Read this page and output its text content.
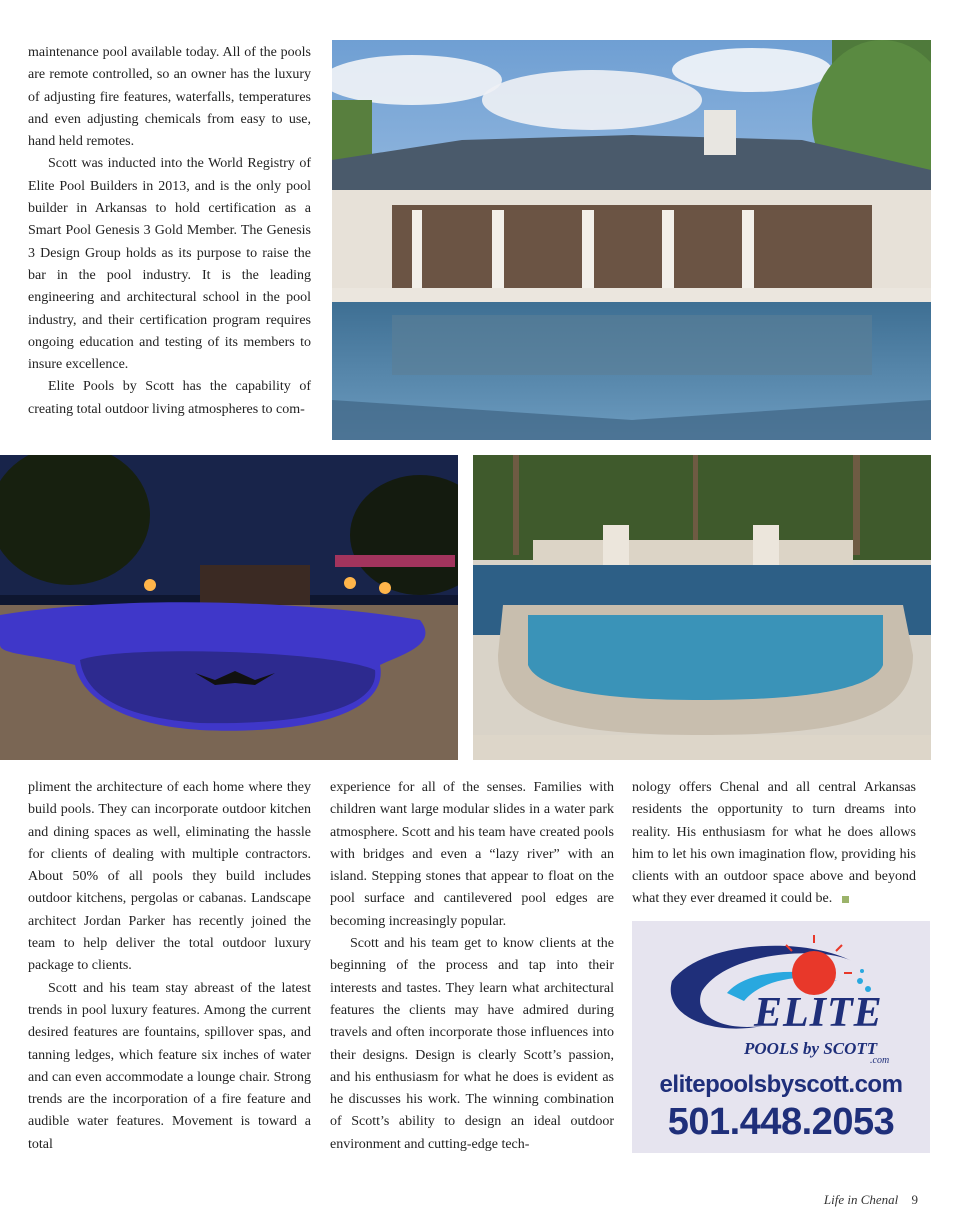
maintenance pool available today. All of the pools are remote controlled, so an owner has the luxury of adjusting fire features, waterfalls, temperatures and even adjusting chemicals from easy to use, hand held remotes.

Scott was inducted into the World Registry of Elite Pool Builders in 2013, and is the only pool builder in Arkansas to hold certification as a Smart Pool Genesis 3 Gold Member. The Genesis 3 Design Group holds as its purpose to raise the bar in the pool industry. It is the leading engineering and architectural school in the pool industry, and their certification program requires ongoing education and testing of its members to insure excellence.

Elite Pools by Scott has the capability of creating total outdoor living atmospheres to com-

pliment the architecture of each home where they build pools. They can incorporate outdoor kitchen and dining spaces as well, eliminating the hassle for clients of dealing with multiple contractors. About 50% of all pools they build includes outdoor kitchens, pergolas or cabanas. Landscape architect Jordan Parker has recently joined the team to help deliver the total outdoor luxury package to clients.

Scott and his team stay abreast of the latest trends in pool luxury features. Among the current desired features are fountains, spillover spas, and tanning ledges, which feature six inches of water and can even accommodate a lounge chair. Strong trends are the incorporation of a fire feature and audible water features. Movement is toward a total

experience for all of the senses. Families with children want large modular slides in a water park atmosphere. Scott and his team have created pools with bridges and even a “lazy river” with an island. Stepping stones that appear to float on the pool surface and cantilevered pool edges are becoming increasingly popular.

Scott and his team get to know clients at the beginning of the process and tap into their interests and tastes. They learn what architectural features the clients may have admired during travels and often incorporate those influences into their designs. Design is clearly Scott’s passion, and his enthusiasm for what he does is evident as he discusses his work. The winning combination of Scott’s ability to design an ideal outdoor environment and cutting-edge tech-

nology offers Chenal and all central Arkansas residents the opportunity to turn dreams into reality. His enthusiasm for what he does allows him to let his own imagination flow, providing his clients with an outdoor space above and beyond what they ever dreamed it could be.

ELITE
POOLS by SCOTT
.com
elitepoolsbyscott.com
501.448.2053
Life in Chenal 9
